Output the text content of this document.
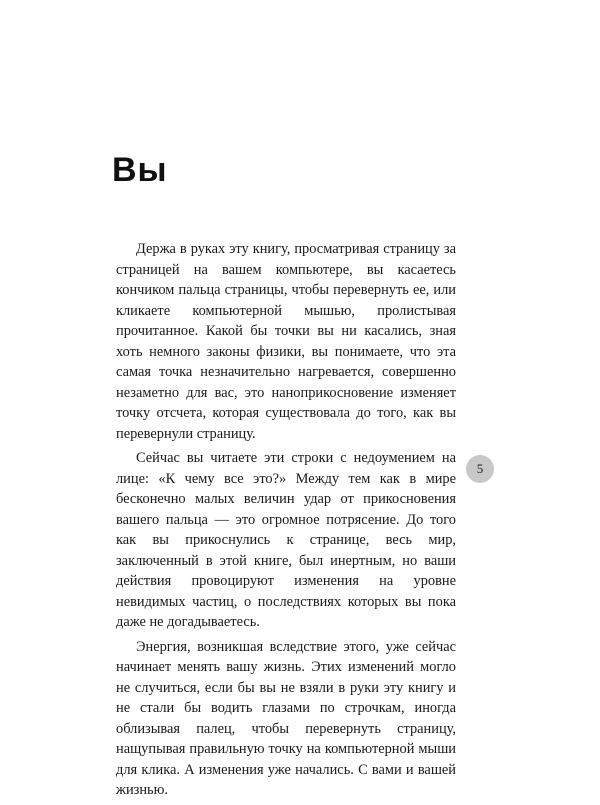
Вы

Держа в руках эту книгу, просматривая страницу за страницей на вашем компьютере, вы касаетесь кончиком пальца страницы, чтобы перевернуть ее, или кликаете компьютерной мышью, пролистывая прочитанное. Какой бы точки вы ни касались, зная хоть немного законы физики, вы понимаете, что эта самая точка незначительно нагревается, совершенно незаметно для вас, это наноприкосновение изменяет точку отсчета, которая существовала до того, как вы перевернули страницу.

Сейчас вы читаете эти строки с недоумением на лице: «К чему все это?» Между тем как в мире бесконечно малых величин удар от прикосновения вашего пальца — это огромное потрясение. До того как вы прикоснулись к странице, весь мир, заключенный в этой книге, был инертным, но ваши действия провоцируют изменения на уровне невидимых частиц, о последствиях которых вы пока даже не догадываетесь.

Энергия, возникшая вследствие этого, уже сейчас начинает менять вашу жизнь. Этих изменений могло не случиться, если бы вы не взяли в руки эту книгу и не стали бы водить глазами по строчкам, иногда облизывая палец, чтобы перевернуть страницу, нащупывая правильную точку на компьютерной мыши для клика. А изменения уже начались. С вами и вашей жизнью.

5
